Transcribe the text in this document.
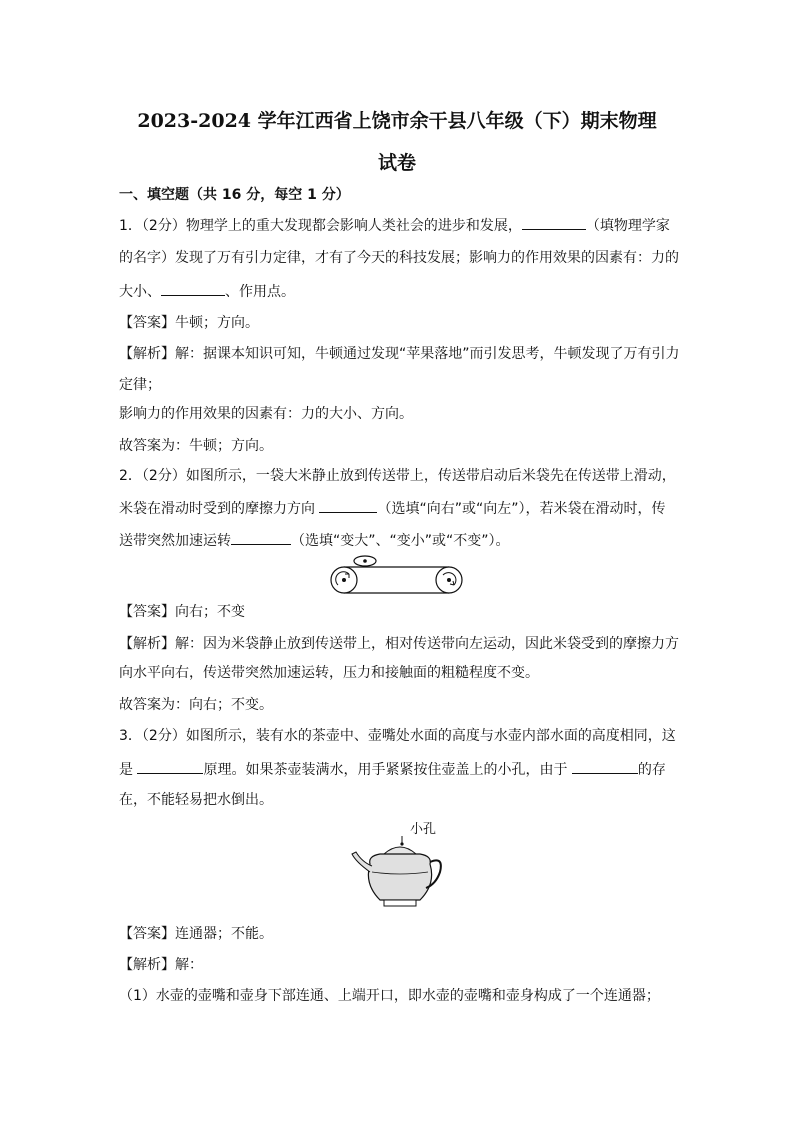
2023-2024 学年江西省上饶市余干县八年级（下）期末物理
试卷
一、填空题（共 16 分，每空 1 分）
1．（2分）物理学上的重大发现都会影响人类社会的进步和发展，	（填物理学家
的名字）发现了万有引力定律，才有了今天的科技发展；影响力的作用效果的因素有：力的
大小、	、作用点。
【答案】牛顿；方向。
【解析】解：据课本知识可知，牛顿通过发现“苹果落地”而引发思考，牛顿发现了万有引力
定律；
影响力的作用效果的因素有：力的大小、方向。
故答案为：牛顿；方向。
2．（2分）如图所示，一袋大米静止放到传送带上，传送带启动后米袋先在传送带上滑动，
米袋在滑动时受到的摩擦力方向	（选填“向右”或“向左”），若米袋在滑动时，传
送带突然加速运转	（选填“变大”、“变小”或“不变”）。
【答案】向右；不变
【解析】解：因为米袋静止放到传送带上，相对传送带向左运动，因此米袋受到的摩擦力方
向水平向右，传送带突然加速运转，压力和接触面的粗糙程度不变。
故答案为：向右；不变。
3．（2分）如图所示，装有水的茶壶中、壶嘴处水面的高度与水壶内部水面的高度相同，这
是	原理。如果茶壶装满水，用手紧紧按住壶盖上的小孔，由于	的存
在，不能轻易把水倒出。
小孔
【答案】连通器；不能。
【解析】解：
（1）水壶的壶嘴和壶身下部连通、上端开口，即水壶的壶嘴和壶身构成了一个连通器；
